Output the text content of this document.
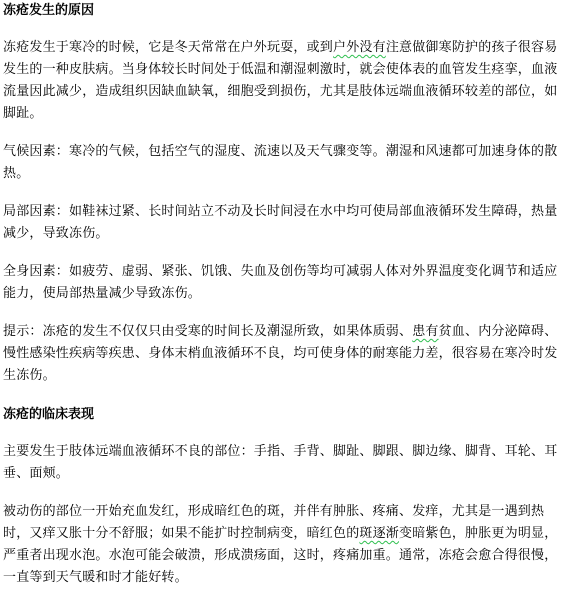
冻疮发生的原因

冻疮发生于寒冷的时候，它是冬天常常在户外玩耍，或到户外没有注意做御寒防护的孩子很容易发生的一种皮肤病。当身体较长时间处于低温和潮湿刺激时，就会使体表的血管发生痉挛，血液流量因此减少，造成组织因缺血缺氧，细胞受到损伤，尤其是肢体远端血液循环较差的部位，如脚趾。

气候因素：寒冷的气候，包括空气的湿度、流速以及天气骤变等。潮湿和风速都可加速身体的散热。

局部因素：如鞋袜过紧、长时间站立不动及长时间浸在水中均可使局部血液循环发生障碍，热量减少，导致冻伤。

全身因素：如疲劳、虚弱、紧张、饥饿、失血及创伤等均可减弱人体对外界温度变化调节和适应能力，使局部热量减少导致冻伤。

提示：冻疮的发生不仅仅只由受寒的时间长及潮湿所致，如果体质弱、患有贫血、内分泌障碍、慢性感染性疾病等疾患、身体末梢血液循环不良，均可使身体的耐寒能力差，很容易在寒冷时发生冻伤。

冻疮的临床表现

主要发生于肢体远端血液循环不良的部位：手指、手背、脚趾、脚跟、脚边缘、脚背、耳轮、耳垂、面颊。

被动伤的部位一开始充血发红，形成暗红色的斑，并伴有肿胀、疼痛、发痒，尤其是一遇到热时，又痒又胀十分不舒服；如果不能扩时控制病变，暗红色的斑逐渐变暗紫色，肿胀更为明显，严重者出现水泡。水泡可能会破溃，形成溃疡面，这时，疼痛加重。通常，冻疮会愈合得很慢，一直等到天气暖和时才能好转。
